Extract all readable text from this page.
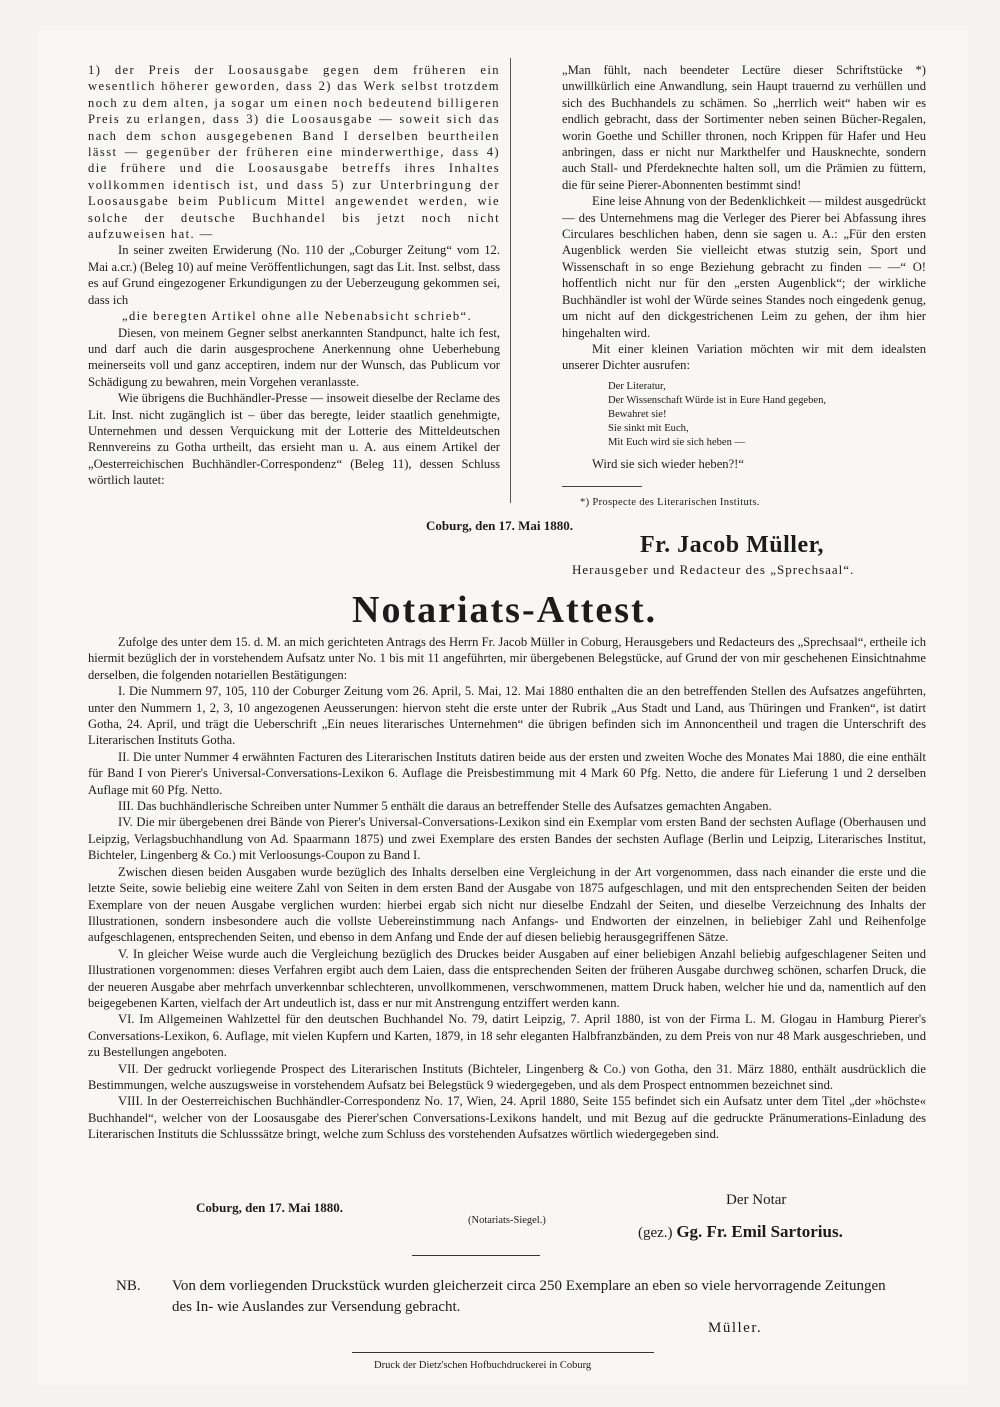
1) der Preis der Loosausgabe gegen dem früheren ein wesentlich höherer geworden, dass 2) das Werk selbst trotzdem noch zu dem alten, ja sogar um einen noch bedeutend billigeren Preis zu erlangen, dass 3) die Loosausgabe — soweit sich das nach dem schon ausgegebenen Band I derselben beurtheilen lässt — gegenüber der früheren eine minderwerthige, dass 4) die frühere und die Loosausgabe betreffs ihres Inhaltes vollkommen identisch ist, und dass 5) zur Unterbringung der Loosausgabe beim Publicum Mittel angewendet werden, wie solche der deutsche Buchhandel bis jetzt noch nicht aufzuweisen hat. —

In seiner zweiten Erwiderung (No. 110 der „Coburger Zeitung“ vom 12. Mai a.cr.) (Beleg 10) auf meine Veröffentlichungen, sagt das Lit. Inst. selbst, dass es auf Grund eingezogener Erkundigungen zu der Ueberzeugung gekommen sei, dass ich

„die beregten Artikel ohne alle Nebenabsicht schrieb“.

Diesen, von meinem Gegner selbst anerkannten Standpunct, halte ich fest, und darf auch die darin ausgesprochene Anerkennung ohne Ueberhebung meinerseits voll und ganz acceptiren, indem nur der Wunsch, das Publicum vor Schädigung zu bewahren, mein Vorgehen veranlasste.

Wie übrigens die Buchhändler-Presse — insoweit dieselbe der Reclame des Lit. Inst. nicht zugänglich ist – über das beregte, leider staatlich genehmigte, Unternehmen und dessen Verquickung mit der Lotterie des Mitteldeutschen Rennvereins zu Gotha urtheilt, das ersieht man u. A. aus einem Artikel der „Oesterreichischen Buchhändler-Correspondenz“ (Beleg 11), dessen Schluss wörtlich lautet:

„Man fühlt, nach beendeter Lectüre dieser Schriftstücke *) unwillkürlich eine Anwandlung, sein Haupt trauernd zu verhüllen und sich des Buchhandels zu schämen. So „herrlich weit“ haben wir es endlich gebracht, dass der Sortimenter neben seinen Bücher-Regalen, worin Goethe und Schiller thronen, noch Krippen für Hafer und Heu anbringen, dass er nicht nur Markthelfer und Hausknechte, sondern auch Stall- und Pferdeknechte halten soll, um die Prämien zu füttern, die für seine Pierer-Abonnenten bestimmt sind!

Eine leise Ahnung von der Bedenklichkeit — mildest ausgedrückt — des Unternehmens mag die Verleger des Pierer bei Abfassung ihres Circulares beschlichen haben, denn sie sagen u. A.: „Für den ersten Augenblick werden Sie vielleicht etwas stutzig sein, Sport und Wissenschaft in so enge Beziehung gebracht zu finden — —“ O! hoffentlich nicht nur für den „ersten Augenblick“; der wirkliche Buchhändler ist wohl der Würde seines Standes noch eingedenk genug, um nicht auf den dickgestrichenen Leim zu gehen, der ihm hier hingehalten wird.

Mit einer kleinen Variation möchten wir mit dem idealsten unserer Dichter ausrufen:

Der Literatur,
Der Wissenschaft Würde ist in Eure Hand gegeben,
Bewahret sie!
Sie sinkt mit Euch,
Mit Euch wird sie sich heben —

Wird sie sich wieder heben?!“

*) Prospecte des Literarischen Instituts.

Coburg, den 17. Mai 1880.
Fr. Jacob Müller,
Herausgeber und Redacteur des „Sprechsaal“.
Notariats-Attest.

Zufolge des unter dem 15. d. M. an mich gerichteten Antrags des Herrn Fr. Jacob Müller in Coburg, Herausgebers und Redacteurs des „Sprechsaal“, ertheile ich hiermit bezüglich der in vorstehendem Aufsatz unter No. 1 bis mit 11 angeführten, mir übergebenen Belegstücke, auf Grund der von mir geschehenen Einsichtnahme derselben, die folgenden notariellen Bestätigungen:

I. Die Nummern 97, 105, 110 der Coburger Zeitung vom 26. April, 5. Mai, 12. Mai 1880 enthalten die an den betreffenden Stellen des Aufsatzes angeführten, unter den Nummern 1, 2, 3, 10 angezogenen Aeusserungen: hiervon steht die erste unter der Rubrik „Aus Stadt und Land, aus Thüringen und Franken“, ist datirt Gotha, 24. April, und trägt die Ueberschrift „Ein neues literarisches Unternehmen“ die übrigen befinden sich im Annoncentheil und tragen die Unterschrift des Literarischen Instituts Gotha.

II. Die unter Nummer 4 erwähnten Facturen des Literarischen Instituts datiren beide aus der ersten und zweiten Woche des Monates Mai 1880, die eine enthält für Band I von Pierer's Universal-Conversations-Lexikon 6. Auflage die Preisbestimmung mit 4 Mark 60 Pfg. Netto, die andere für Lieferung 1 und 2 derselben Auflage mit 60 Pfg. Netto.

III. Das buchhändlerische Schreiben unter Nummer 5 enthält die daraus an betreffender Stelle des Aufsatzes gemachten Angaben.

IV. Die mir übergebenen drei Bände von Pierer's Universal-Conversations-Lexikon sind ein Exemplar vom ersten Band der sechsten Auflage (Oberhausen und Leipzig, Verlagsbuchhandlung von Ad. Spaarmann 1875) und zwei Exemplare des ersten Bandes der sechsten Auflage (Berlin und Leipzig, Literarisches Institut, Bichteler, Lingenberg & Co.) mit Verloosungs-Coupon zu Band I.

Zwischen diesen beiden Ausgaben wurde bezüglich des Inhalts derselben eine Vergleichung in der Art vorgenommen, dass nach einander die erste und die letzte Seite, sowie beliebig eine weitere Zahl von Seiten in dem ersten Band der Ausgabe von 1875 aufgeschlagen, und mit den entsprechenden Seiten der beiden Exemplare von der neuen Ausgabe verglichen wurden: hierbei ergab sich nicht nur dieselbe Endzahl der Seiten, und dieselbe Verzeichnung des Inhalts der Illustrationen, sondern insbesondere auch die vollste Uebereinstimmung nach Anfangs- und Endworten der einzelnen, in beliebiger Zahl und Reihenfolge aufgeschlagenen, entsprechenden Seiten, und ebenso in dem Anfang und Ende der auf diesen beliebig herausgegriffenen Sätze.

V. In gleicher Weise wurde auch die Vergleichung bezüglich des Druckes beider Ausgaben auf einer beliebigen Anzahl beliebig aufgeschlagener Seiten und Illustrationen vorgenommen: dieses Verfahren ergibt auch dem Laien, dass die entsprechenden Seiten der früheren Ausgabe durchweg schönen, scharfen Druck, die der neueren Ausgabe aber mehrfach unverkennbar schlechteren, unvollkommenen, verschwommenen, mattem Druck haben, welcher hie und da, namentlich auf den beigegebenen Karten, vielfach der Art undeutlich ist, dass er nur mit Anstrengung entziffert werden kann.

VI. Im Allgemeinen Wahlzettel für den deutschen Buchhandel No. 79, datirt Leipzig, 7. April 1880, ist von der Firma L. M. Glogau in Hamburg Pierer's Conversations-Lexikon, 6. Auflage, mit vielen Kupfern und Karten, 1879, in 18 sehr eleganten Halbfranzbänden, zu dem Preis von nur 48 Mark ausgeschrieben, und zu Bestellungen angeboten.

VII. Der gedruckt vorliegende Prospect des Literarischen Instituts (Bichteler, Lingenberg & Co.) von Gotha, den 31. März 1880, enthält ausdrücklich die Bestimmungen, welche auszugsweise in vorstehendem Aufsatz bei Belegstück 9 wiedergegeben, und als dem Prospect entnommen bezeichnet sind.

VIII. In der Oesterreichischen Buchhändler-Correspondenz No. 17, Wien, 24. April 1880, Seite 155 befindet sich ein Aufsatz unter dem Titel „der »höchste« Buchhandel“, welcher von der Loosausgabe des Pierer'schen Conversations-Lexikons handelt, und mit Bezug auf die gedruckte Pränumerations-Einladung des Literarischen Instituts die Schlusssätze bringt, welche zum Schluss des vorstehenden Aufsatzes wörtlich wiedergegeben sind.

Coburg, den 17. Mai 1880.
(Notariats-Siegel.)
Der Notar
(gez.) Gg. Fr. Emil Sartorius.
NB. Von dem vorliegenden Druckstück wurden gleicherzeit circa 250 Exemplare an eben so viele hervorragende Zeitungen des In- wie Auslandes zur Versendung gebracht.
Müller.
Druck der Dietz'schen Hofbuchdruckerei in Coburg
